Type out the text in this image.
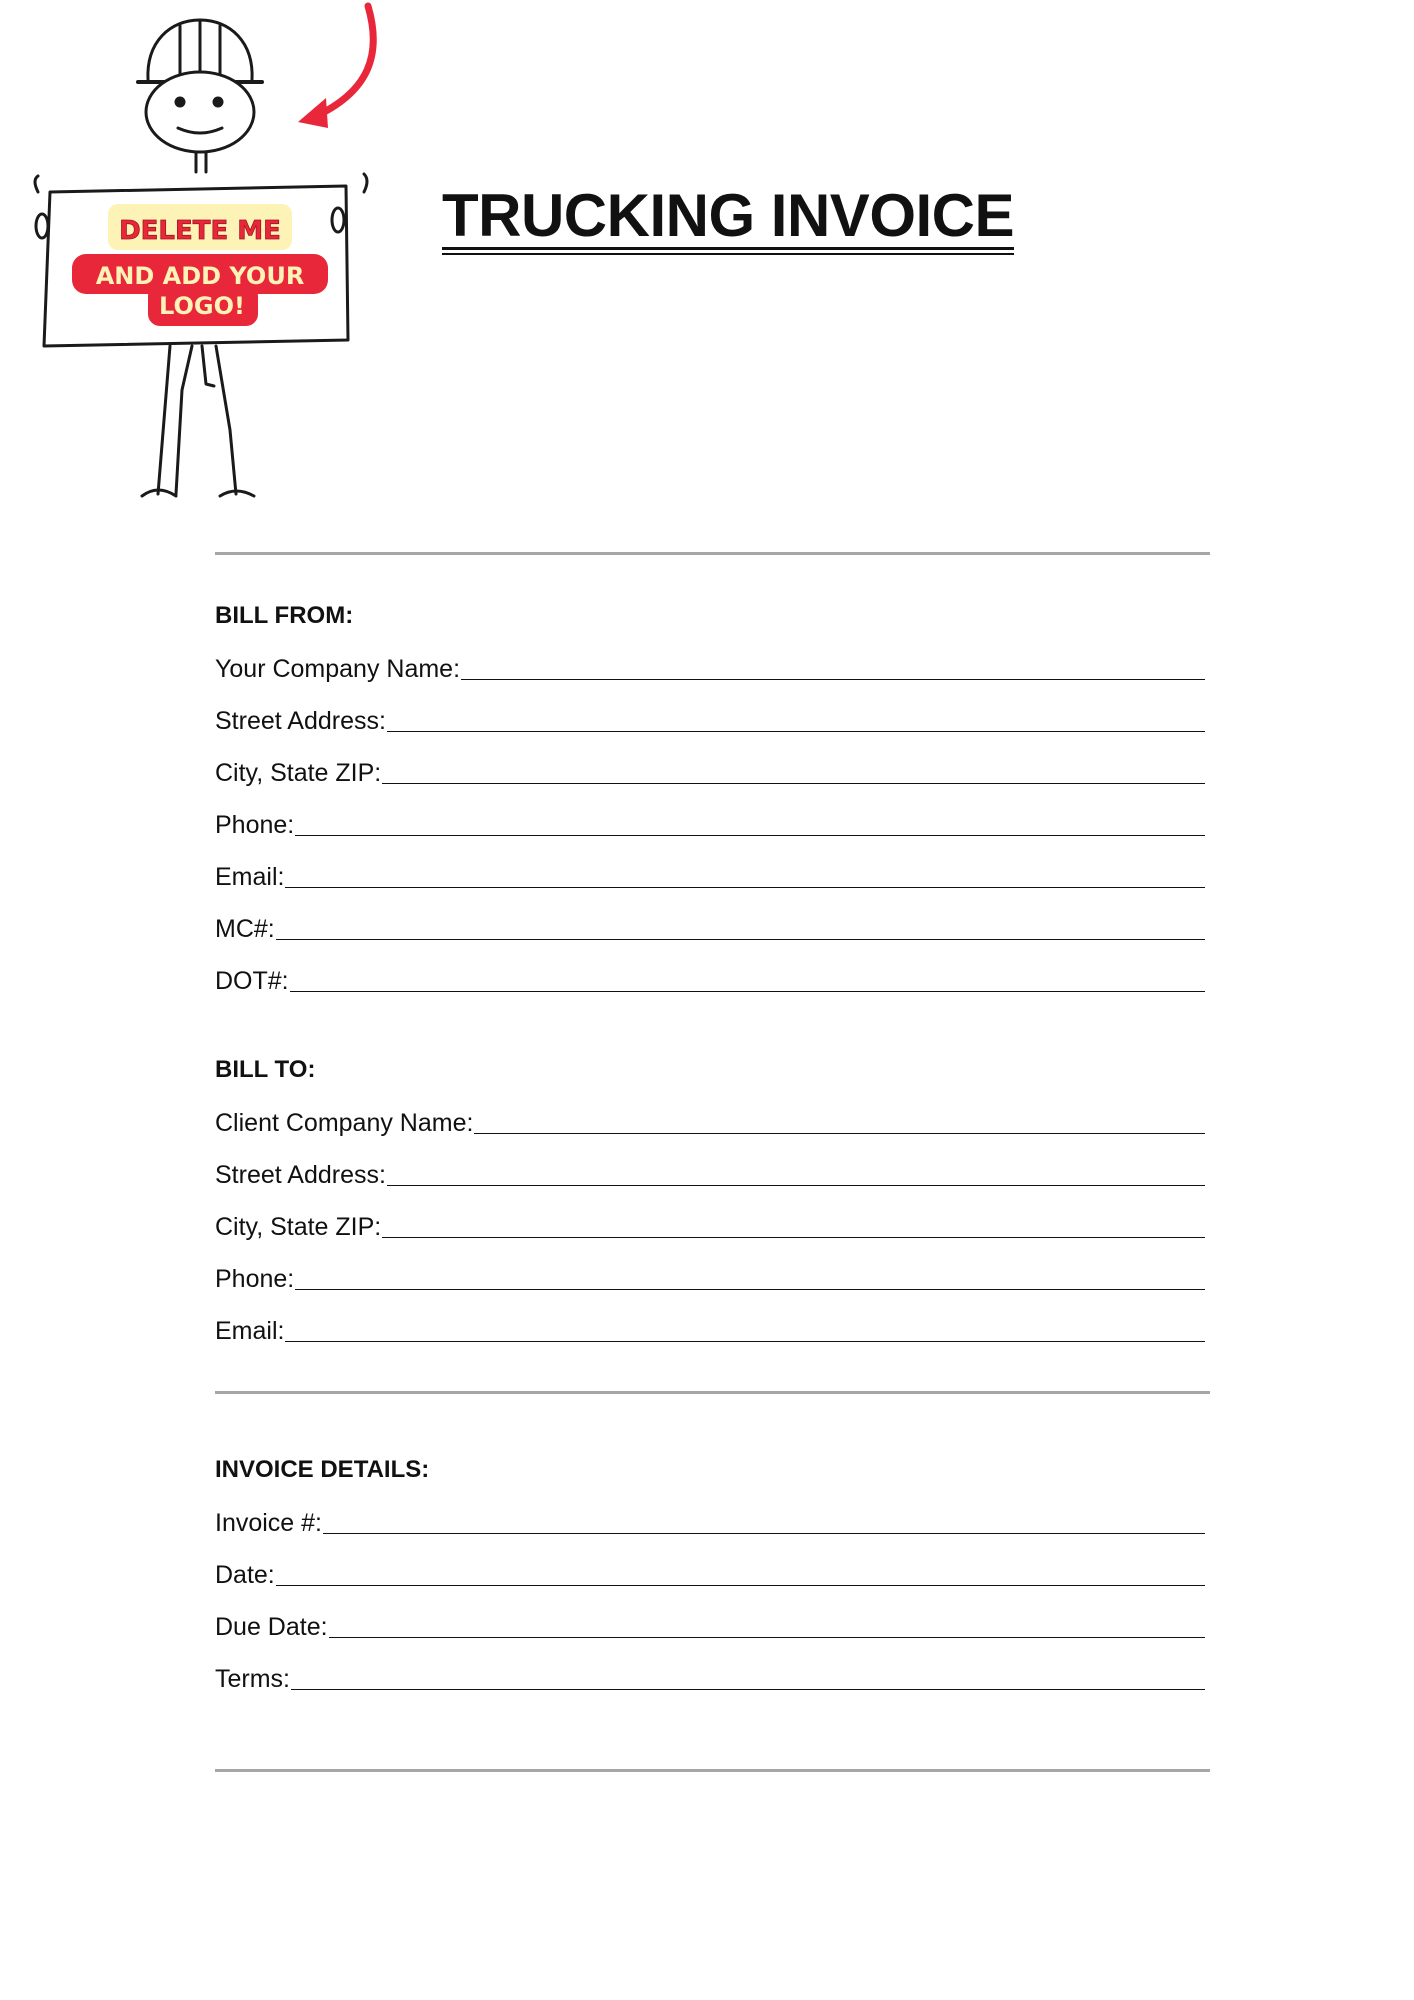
DELETE ME
AND ADD YOUR
LOGO!
TRUCKING INVOICE
BILL FROM:
Your Company Name:
Street Address:
City, State ZIP:
Phone:
Email:
MC#:
DOT#:
BILL TO:
Client Company Name:
Street Address:
City, State ZIP:
Phone:
Email:
INVOICE DETAILS:
Invoice #:
Date:
Due Date:
Terms:
